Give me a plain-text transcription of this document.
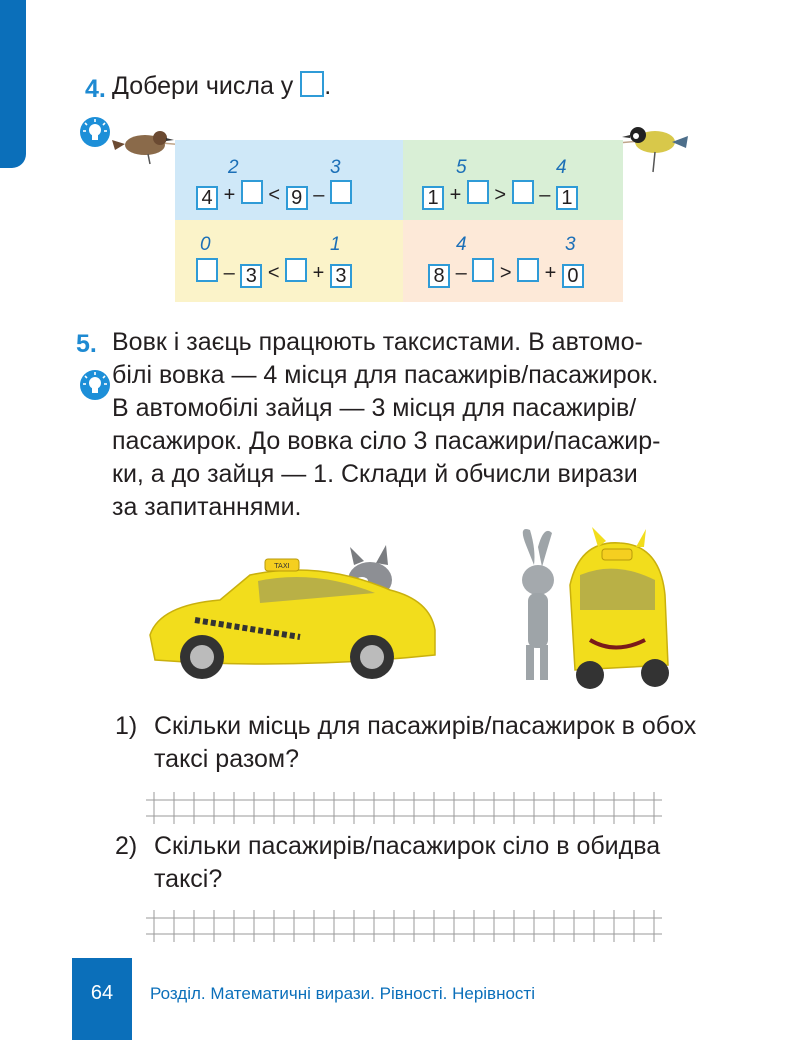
4. Добери числа у .
2	3
4 + < 9 –
5	4
1 + > – 1
0	1
– 3 < + 3
4	3
8 – > + 0
5. Вовк і заєць працюють таксистами. В автомо-
білі вовка — 4 місця для пасажирів/пасажирок.
В автомобілі зайця — 3 місця для пасажирів/
пасажирок. До вовка сіло 3 пасажири/пасажир-
ки, а до зайця — 1. Склади й обчисли вирази
за запитаннями.
TAXI
1) Скільки місць для пасажирів/пасажирок в обох
таксі разом?
2) Скільки пасажирів/пасажирок сіло в обидва
таксі?
64	Розділ. Математичні вирази. Рівності. Нерівності
